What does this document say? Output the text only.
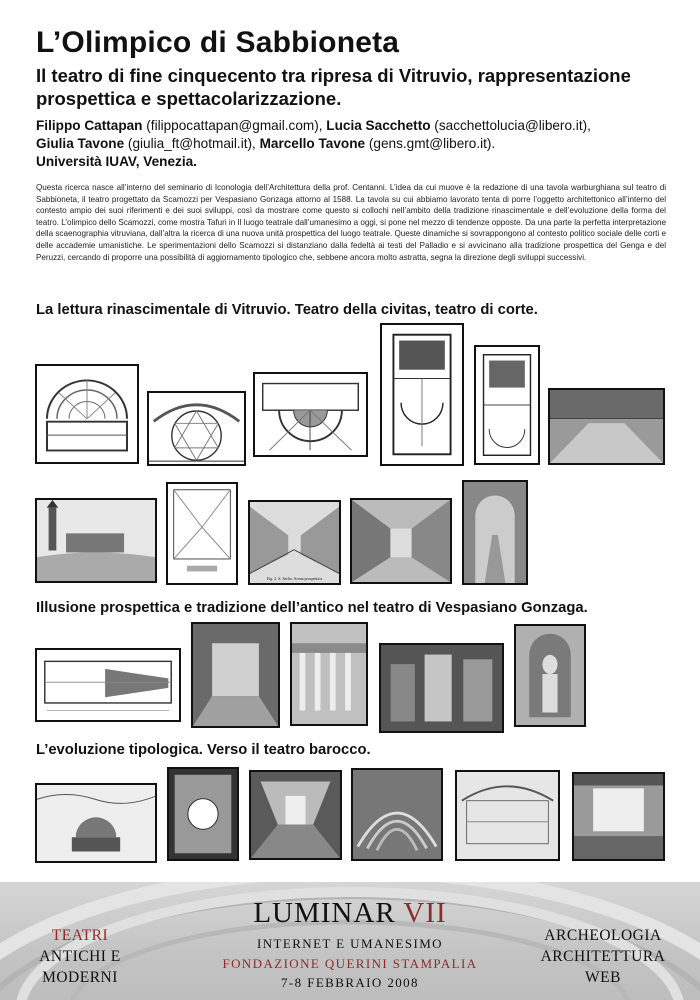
L’Olimpico di Sabbioneta
Il teatro di fine cinquecento tra ripresa di Vitruvio, rappresentazione prospettica e spettacolarizzazione.
Filippo Cattapan (filippocattapan@gmail.com), Lucia Sacchetto (sacchettolucia@libero.it),
Giulia Tavone (giulia_ft@hotmail.it), Marcello Tavone (gens.gmt@libero.it).
Università IUAV, Venezia.
Questa ricerca nasce all’interno del seminario di Iconologia dell’Architettura della prof. Centanni. L’idea da cui muove è la redazione di una tavola warburghiana sul teatro di Sabbioneta, il teatro progettato da Scamozzi per Vespasiano Gonzaga attorno al 1588. La tavola su cui abbiamo lavorato tenta di porre l’oggetto architettonico all’interno del contesto ampio dei suoi riferimenti e dei suoi sviluppi, così da mostrare come questo si collochi nell’ambito della tradizione rinascimentale e dell’evoluzione della forma del teatro. L’olimpico dello Scamozzi, come mostra Tafuri in Il luogo teatrale dall’umanesimo a oggi, si pone nel mezzo di tendenze opposte. Da una parte la perfetta interpretazione della scaenographia vitruviana, dall’altra la ricerca di una nuova unità prospettica del luogo teatrale. Queste dinamiche si sovrappongono al contesto politico sociale delle corti e delle accademie umanistiche. Le sperimentazioni dello Scamozzi si distanziano dalla fedeltà ai testi del Palladio e si avvicinano alla tradizione prospettica del Genga e del Peruzzi, cercando di proporre una possibilità di aggiornamento tipologico che, sebbene ancora molto astratta, segna la direzione degli sviluppi successivi.
La lettura rinascimentale di Vitruvio. Teatro della civitas, teatro di corte.
Fig. 2. S. Serlio, Scena prospettica
Illusione prospettica e tradizione dell’antico nel teatro di Vespasiano Gonzaga.
L’evoluzione tipologica. Verso il teatro barocco.
LUMINAR VII
INTERNET E UMANESIMO
FONDAZIONE QUERINI STAMPALIA
7-8 FEBBRAIO 2008
TEATRI
ANTICHI E
MODERNI
ARCHEOLOGIA
ARCHITETTURA
WEB
